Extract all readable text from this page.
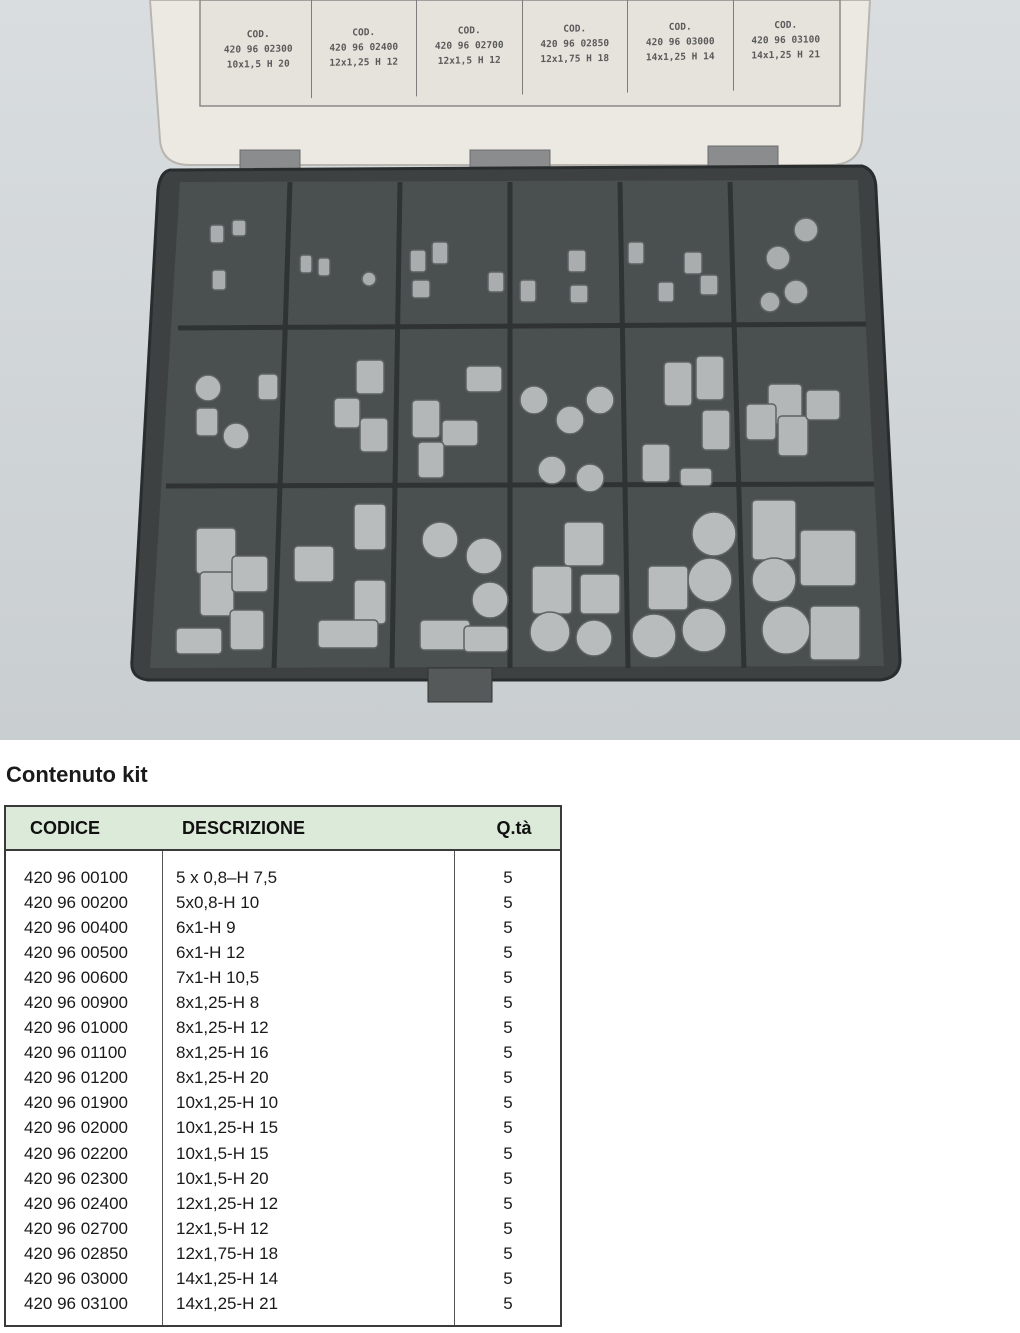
COD.
420 96 02300
10x1,5 H 20
COD.
420 96 02400
12x1,25 H 12
COD.
420 96 02700
12x1,5 H 12
COD.
420 96 02850
12x1,75 H 18
COD.
420 96 03000
14x1,25 H 14
COD.
420 96 03100
14x1,25 H 21
Contenuto kit
CODICE	DESCRIZIONE	Q.tà
420 96 00100	5 x 0,8–H 7,5	5
420 96 00200	5x0,8-H 10	5
420 96 00400	6x1-H 9	5
420 96 00500	6x1-H 12	5
420 96 00600	7x1-H 10,5	5
420 96 00900	8x1,25-H 8	5
420 96 01000	8x1,25-H 12	5
420 96 01100	8x1,25-H 16	5
420 96 01200	8x1,25-H 20	5
420 96 01900	10x1,25-H 10	5
420 96 02000	10x1,25-H 15	5
420 96 02200	10x1,5-H 15	5
420 96 02300	10x1,5-H 20	5
420 96 02400	12x1,25-H 12	5
420 96 02700	12x1,5-H 12	5
420 96 02850	12x1,75-H 18	5
420 96 03000	14x1,25-H 14	5
420 96 03100	14x1,25-H 21	5
